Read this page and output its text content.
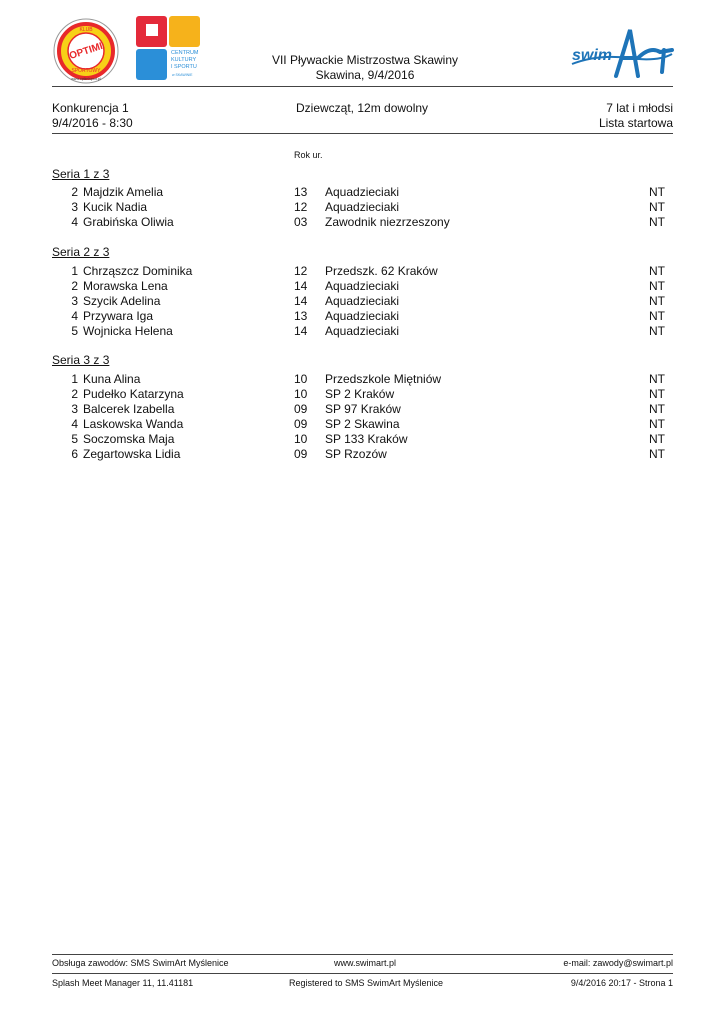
KLUB
OPTIMI
SPORTOWY
www.optimisport.pl
CENTRUM
KULTURY
I SPORTU
w SKAWINIE
swim
VII Pływackie Mistrzostwa Skawiny
Skawina, 9/4/2016
Konkurencja 1
9/4/2016 - 8:30
Dziewcząt, 12m dowolny	7 lat i młodsi
Lista startowa
Rok ur.
Seria 1 z 3
2 Majdzik Amelia	13 Aquadzieciaki	NT
3 Kucik Nadia	12 Aquadzieciaki	NT
4 Grabińska Oliwia	03 Zawodnik niezrzeszony	NT
Seria 2 z 3
1 Chrząszcz Dominika	12 Przedszk. 62 Kraków	NT
2 Morawska Lena	14 Aquadzieciaki	NT
3 Szycik Adelina	14 Aquadzieciaki	NT
4 Przywara Iga	13 Aquadzieciaki	NT
5 Wojnicka Helena	14 Aquadzieciaki	NT
Seria 3 z 3
1 Kuna Alina	10 Przedszkole Miętniów	NT
2 Pudełko Katarzyna	10 SP 2 Kraków	NT
3 Balcerek Izabella	09 SP 97 Kraków	NT
4 Laskowska Wanda	09 SP 2 Skawina	NT
5 Soczomska Maja	10 SP 133 Kraków	NT
6 Zegartowska Lidia	09 SP Rzozów	NT
Obsługa zawodów: SMS SwimArt Myślenice	www.swimart.pl	e-mail: zawody@swimart.pl
Splash Meet Manager 11, 11.41181	Registered to SMS SwimArt Myślenice	9/4/2016 20:17 - Strona 1
